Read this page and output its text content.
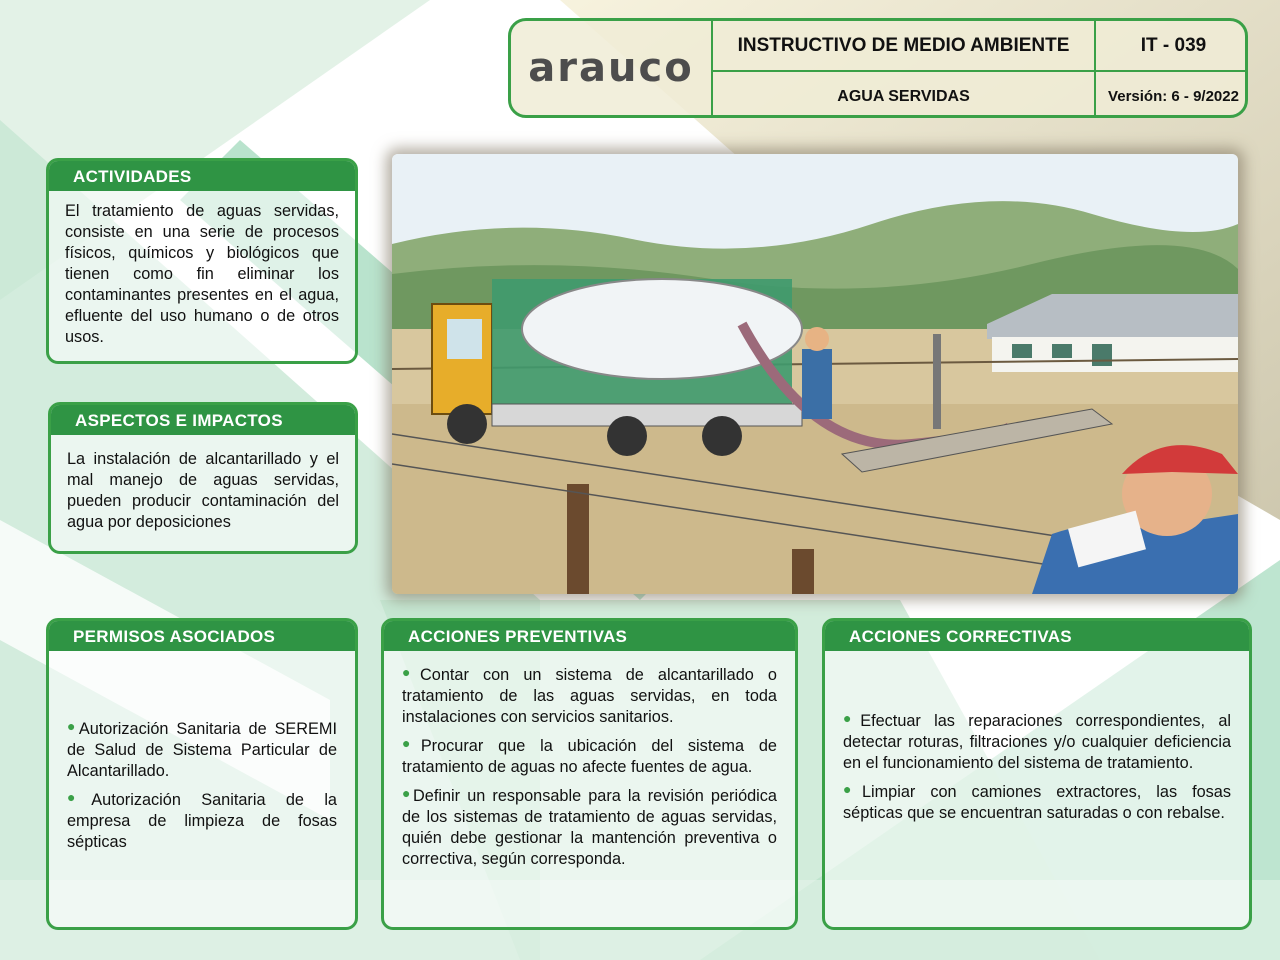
arauco	INSTRUCTIVO DE MEDIO AMBIENTE	IT - 039
AGUA SERVIDAS	Versión: 6 - 9/2022
ACTIVIDADES

El tratamiento de aguas servidas, consiste en una serie de procesos físicos, químicos y biológicos que tienen como fin eliminar los contaminantes presentes en el agua, efluente del uso humano o de otros usos.

ASPECTOS E IMPACTOS

La instalación de alcantarillado y el mal manejo de aguas servidas, pueden producir contaminación del agua por deposiciones

PERMISOS ASOCIADOS

●Autorización Sanitaria de SEREMI de Salud de Sistema Particular de Alcantarillado.

●Autorización Sanitaria de la empresa de limpieza de fosas sépticas

ACCIONES PREVENTIVAS

●Contar con un sistema de alcantarillado o tratamiento de las aguas servidas, en toda instalaciones con servicios sanitarios.

●Procurar que la ubicación del sistema de tratamiento de aguas no afecte fuentes de agua.

●Definir un responsable para la revisión periódica de los sistemas de tratamiento de aguas servidas, quién debe gestionar la mantención preventiva o correctiva, según corresponda.

ACCIONES CORRECTIVAS

●Efectuar las reparaciones correspondientes, al detectar roturas, filtraciones y/o cualquier deficiencia en el funcionamiento del sistema de tratamiento.

●Limpiar con camiones extractores, las fosas sépticas que se encuentran saturadas o con rebalse.
